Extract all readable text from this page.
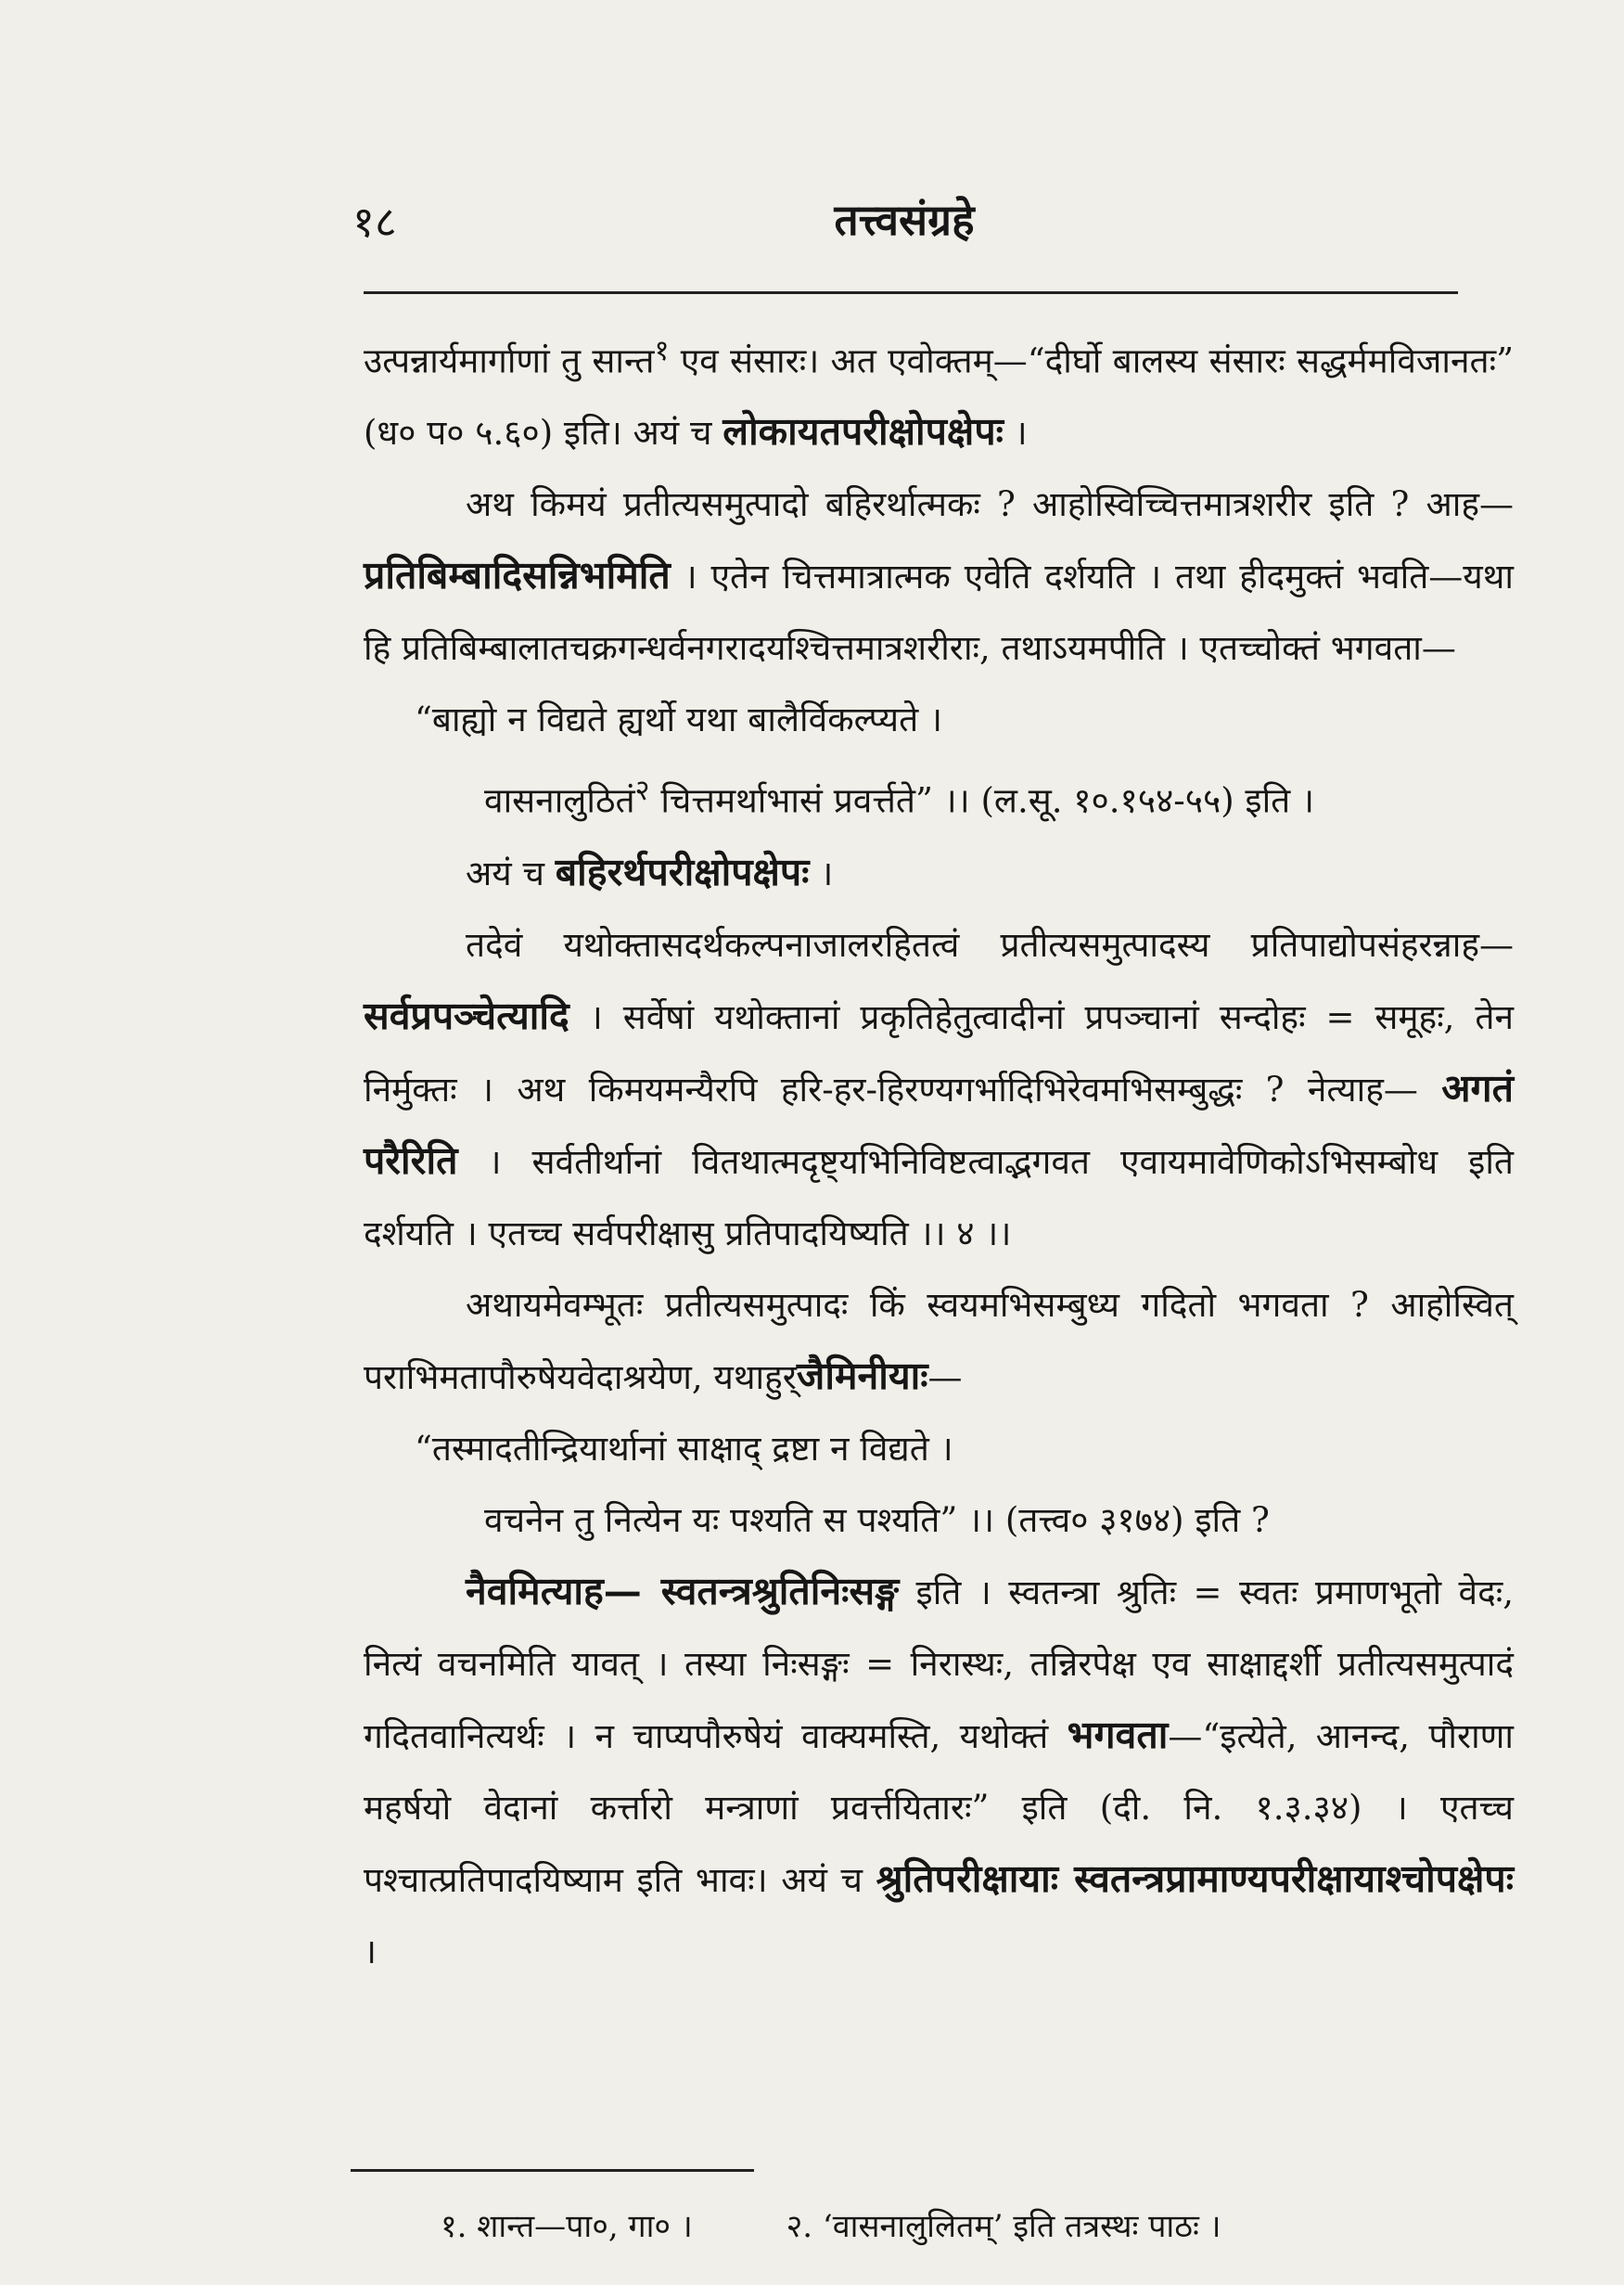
१८	तत्त्वसंग्रहे

उत्पन्नार्यमार्गाणां तु सान्त$^१$ एव संसारः। अत एवोक्तम्—“दीर्घो बालस्य संसारः सद्धर्ममविजानतः” (ध० प० ५.६०) इति। अयं च लोकायतपरीक्षोपक्षेपः ।

अथ किमयं प्रतीत्यसमुत्पादो बहिरर्थात्मकः ? आहोस्विच्चित्तमात्रशरीर इति ? आह— प्रतिबिम्बादिसन्निभमिति । एतेन चित्तमात्रात्मक एवेति दर्शयति । तथा हीदमुक्तं भवति—यथा हि प्रतिबिम्बालातचक्रगन्धर्वनगरादयश्चित्तमात्रशरीराः, तथाऽयमपीति । एतच्चोक्तं भगवता—

“बाह्यो न विद्यते ह्यर्थो यथा बालैर्विकल्प्यते ।

वासनालुठितं$^२$ चित्तमर्थाभासं प्रवर्त्तते” ।। (ल.सू. १०.१५४-५५) इति ।

अयं च बहिरर्थपरीक्षोपक्षेपः ।

तदेवं यथोक्तासदर्थकल्पनाजालरहितत्वं प्रतीत्यसमुत्पादस्य प्रतिपाद्योपसंहरन्नाह—सर्वप्रपञ्चेत्यादि । सर्वेषां यथोक्तानां प्रकृतिहेतुत्वादीनां प्रपञ्चानां सन्दोहः = समूहः, तेन निर्मुक्तः । अथ किमयमन्यैरपि हरि-हर-हिरण्यगर्भादिभिरेवमभिसम्बुद्धः ? नेत्याह— अगतं परैरिति । सर्वतीर्थानां वितथात्मदृष्ट्यभिनिविष्टत्वाद्भगवत एवायमावेणिकोऽभिसम्बोध इति दर्शयति । एतच्च सर्वपरीक्षासु प्रतिपादयिष्यति ।। ४ ।।

अथायमेवम्भूतः प्रतीत्यसमुत्पादः किं स्वयमभिसम्बुध्य गदितो भगवता ? आहोस्वित् पराभिमतापौरुषेयवेदाश्रयेण, यथाहुर्जैमिनीयाः—

“तस्मादतीन्द्रियार्थानां साक्षाद् द्रष्टा न विद्यते ।

वचनेन तु नित्येन यः पश्यति स पश्यति” ।। (तत्त्व० ३१७४) इति ?

नैवमित्याह— स्वतन्त्रश्रुतिनिःसङ्ग इति । स्वतन्त्रा श्रुतिः = स्वतः प्रमाणभूतो वेदः, नित्यं वचनमिति यावत् । तस्या निःसङ्गः = निरास्थः, तन्निरपेक्ष एव साक्षाद्दर्शी प्रतीत्यसमुत्पादं गदितवानित्यर्थः । न चाप्यपौरुषेयं वाक्यमस्ति, यथोक्तं भगवता—“इत्येते, आनन्द, पौराणा महर्षयो वेदानां कर्त्तारो मन्त्राणां प्रवर्त्तयितारः” इति (दी. नि. १.३.३४) । एतच्च पश्चात्प्रतिपादयिष्याम इति भावः। अयं च श्रुतिपरीक्षायाः स्वतन्त्रप्रामाण्यपरीक्षायाश्चोपक्षेपः ।

१. शान्त—पा०, गा० ।	२. ‘वासनालुलितम्’ इति तत्रस्थः पाठः ।
